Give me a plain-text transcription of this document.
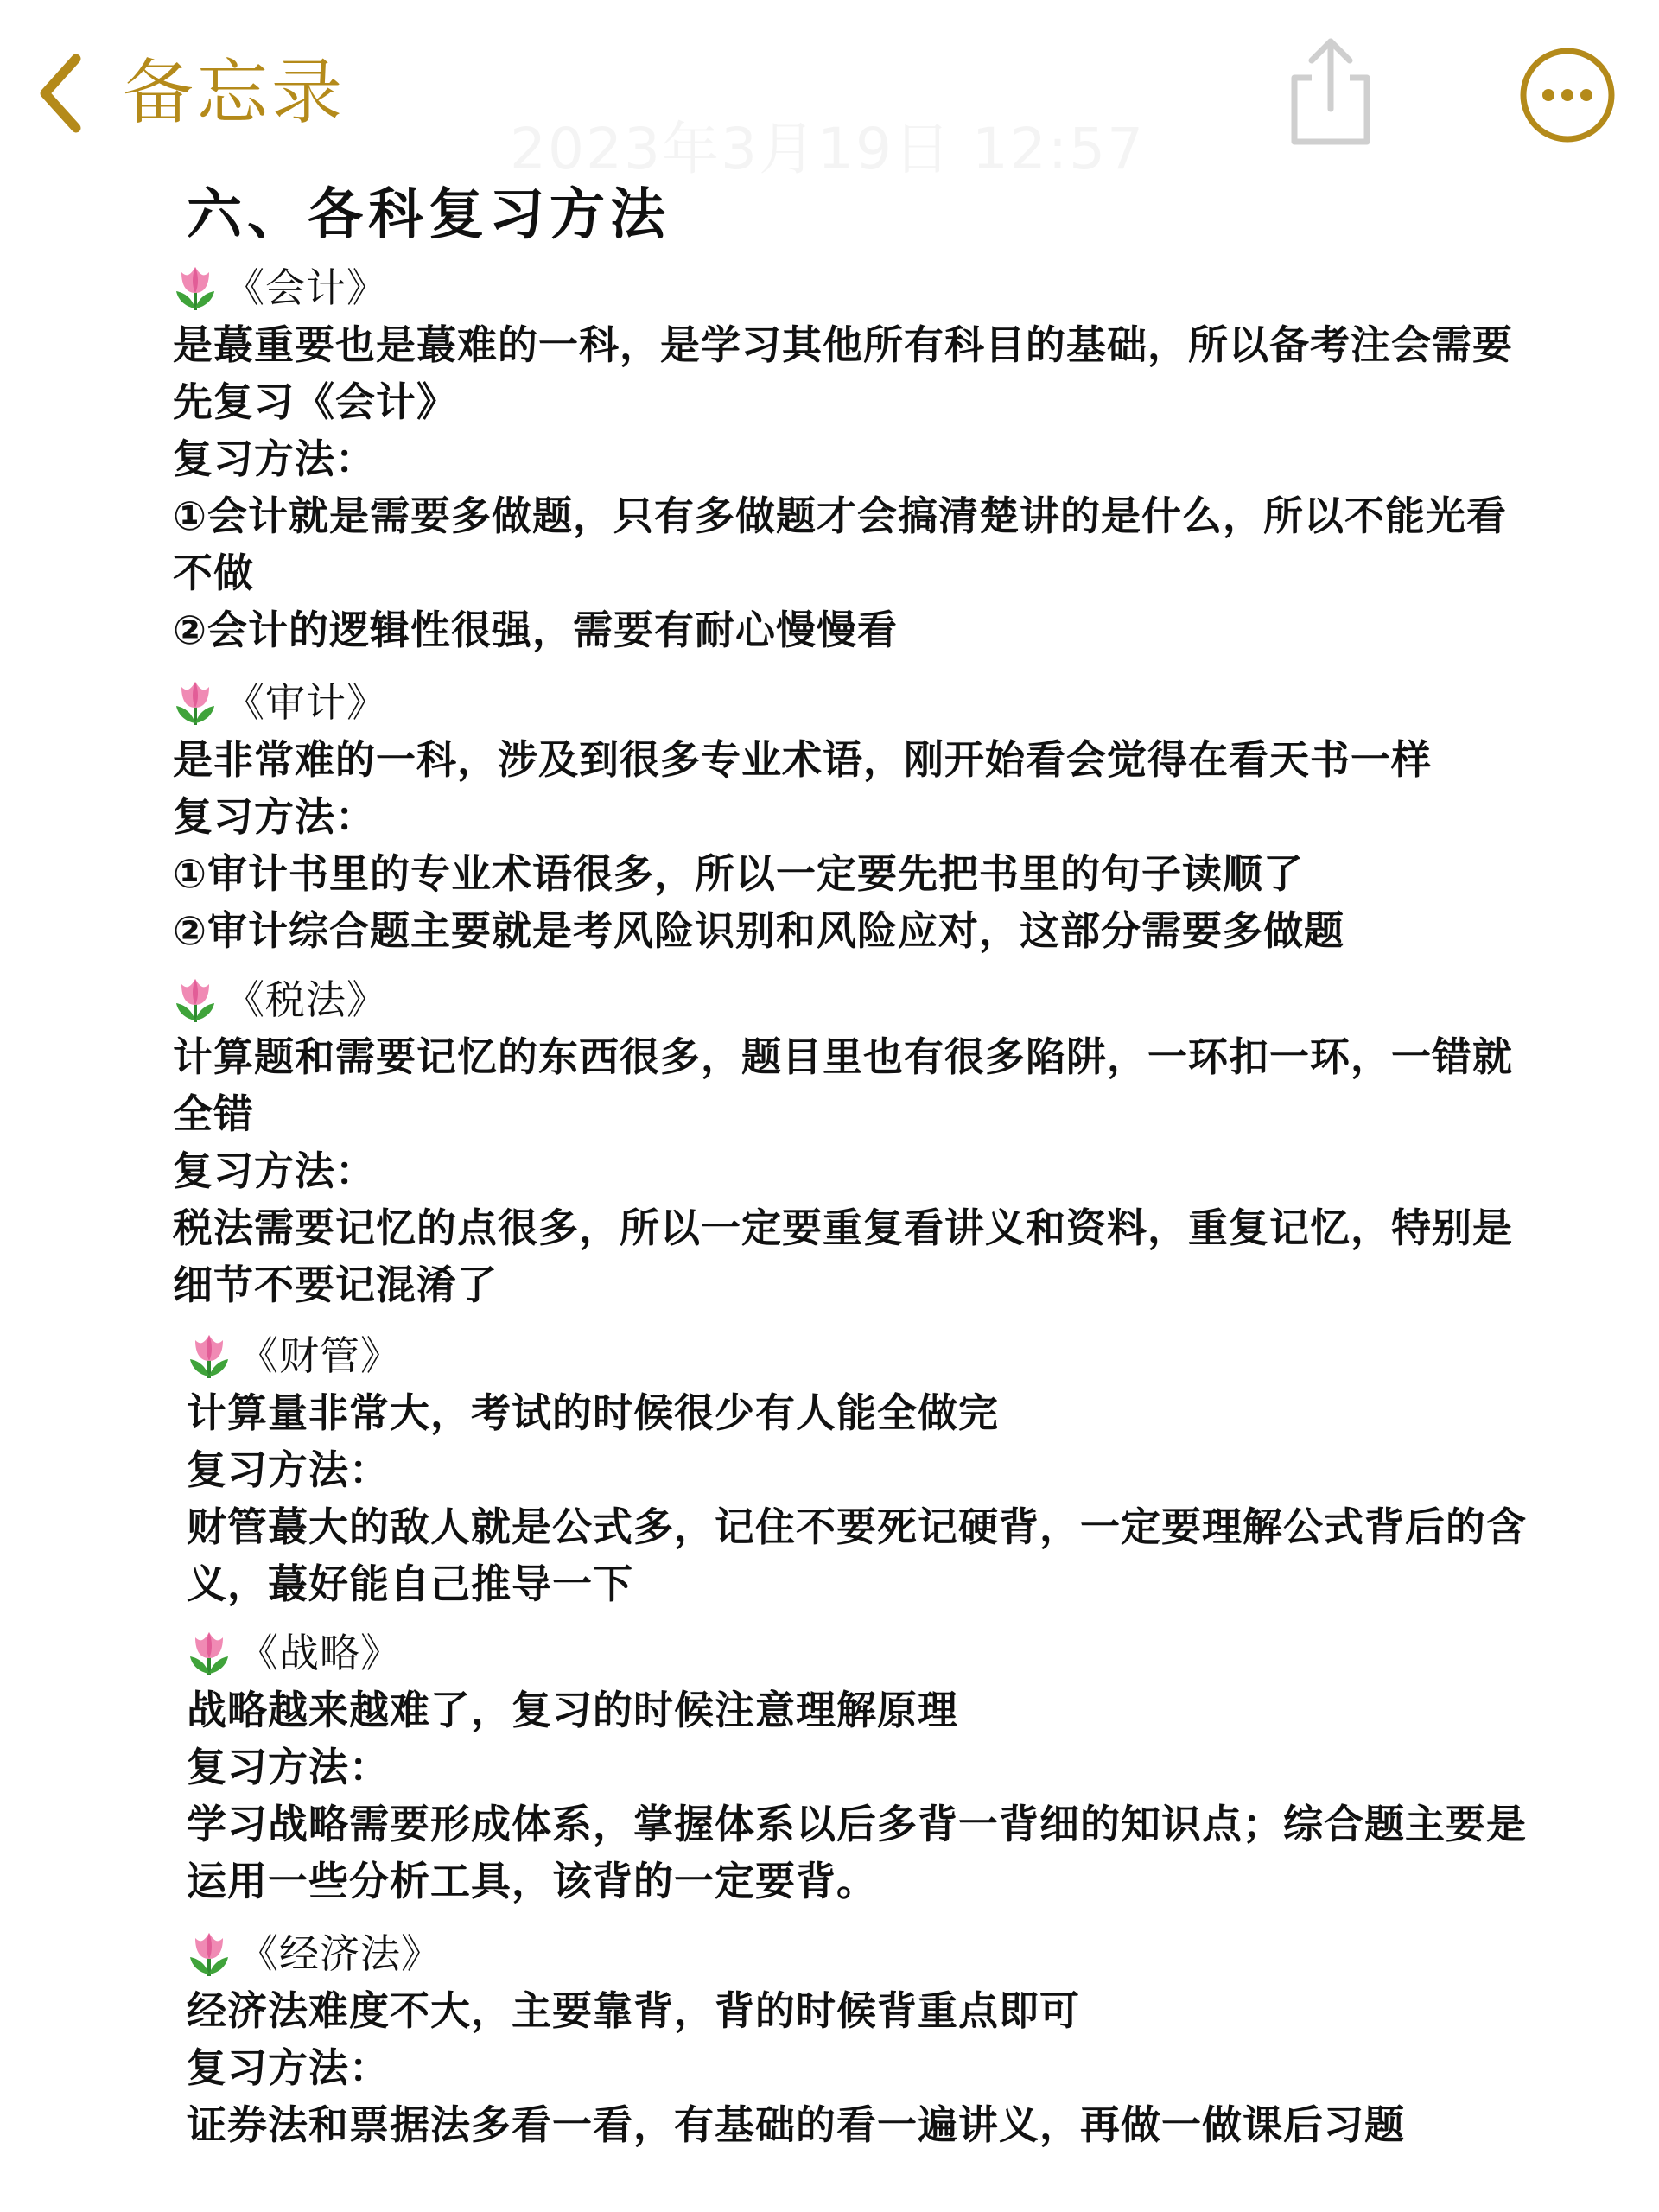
备忘录
2023年3月19日 12:57
六、各科复习方法
《会计》
是蕞重要也是蕞难的一科，是学习其他所有科目的基础，所以备考注会需要
先复习《会计》
复习方法：
①会计就是需要多做题，只有多做题才会搞清楚讲的是什么，所以不能光看
不做
②会计的逻辑性很强，需要有耐心慢慢看
《审计》
是非常难的一科，涉及到很多专业术语，刚开始看会觉得在看天书一样
复习方法：
①审计书里的专业术语很多，所以一定要先把书里的句子读顺了
②审计综合题主要就是考风险识别和风险应对，这部分需要多做题
《税法》
计算题和需要记忆的东西很多，题目里也有很多陷阱，一环扣一环，一错就
全错
复习方法：
税法需要记忆的点很多，所以一定要重复看讲义和资料，重复记忆，特别是
细节不要记混淆了
《财管》
计算量非常大，考试的时候很少有人能全做完
复习方法：
财管蕞大的敌人就是公式多，记住不要死记硬背，一定要理解公式背后的含
义，蕞好能自己推导一下
《战略》
战略越来越难了，复习的时候注意理解原理
复习方法：
学习战略需要形成体系，掌握体系以后多背一背细的知识点；综合题主要是
运用一些分析工具，该背的一定要背。
《经济法》
经济法难度不大，主要靠背，背的时候背重点即可
复习方法：
证券法和票据法多看一看，有基础的看一遍讲义，再做一做课后习题
